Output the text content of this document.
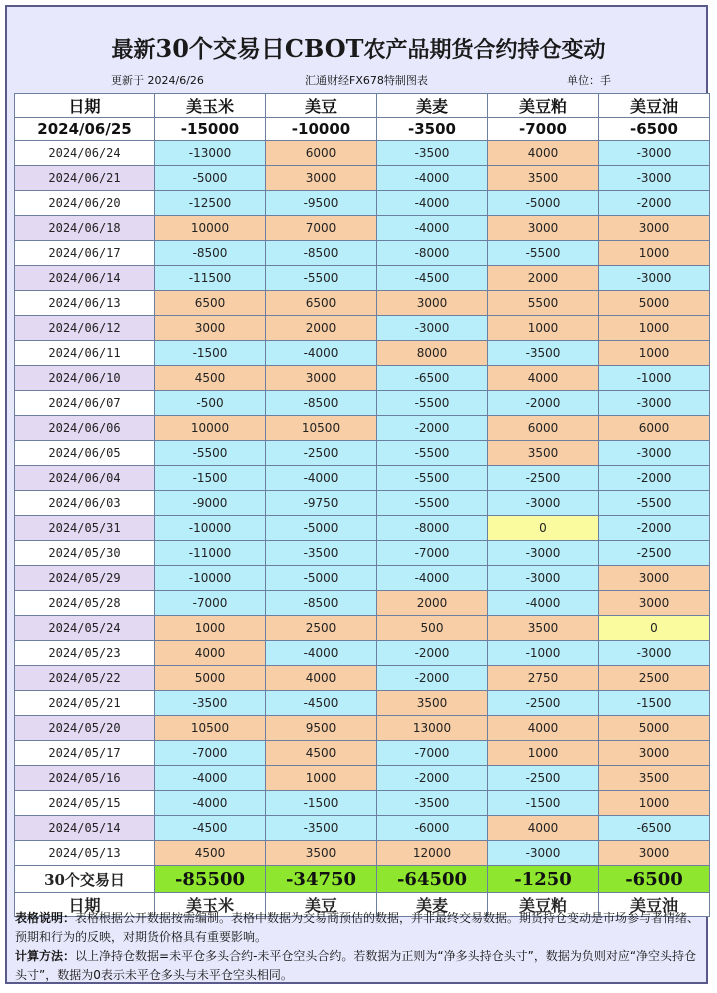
最新30个交易日CBOT农产品期货合约持仓变动
更新于 2024/6/26	汇通财经FX678特制图表	单位：手
日期	美玉米	美豆	美麦	美豆粕	美豆油
2024/06/25	-15000	-10000	-3500	-7000	-6500
2024/06/24	-13000	6000	-3500	4000	-3000
2024/06/21	-5000	3000	-4000	3500	-3000
2024/06/20	-12500	-9500	-4000	-5000	-2000
2024/06/18	10000	7000	-4000	3000	3000
2024/06/17	-8500	-8500	-8000	-5500	1000
2024/06/14	-11500	-5500	-4500	2000	-3000
2024/06/13	6500	6500	3000	5500	5000
2024/06/12	3000	2000	-3000	1000	1000
2024/06/11	-1500	-4000	8000	-3500	1000
2024/06/10	4500	3000	-6500	4000	-1000
2024/06/07	-500	-8500	-5500	-2000	-3000
2024/06/06	10000	10500	-2000	6000	6000
2024/06/05	-5500	-2500	-5500	3500	-3000
2024/06/04	-1500	-4000	-5500	-2500	-2000
2024/06/03	-9000	-9750	-5500	-3000	-5500
2024/05/31	-10000	-5000	-8000	0	-2000
2024/05/30	-11000	-3500	-7000	-3000	-2500
2024/05/29	-10000	-5000	-4000	-3000	3000
2024/05/28	-7000	-8500	2000	-4000	3000
2024/05/24	1000	2500	500	3500	0
2024/05/23	4000	-4000	-2000	-1000	-3000
2024/05/22	5000	4000	-2000	2750	2500
2024/05/21	-3500	-4500	3500	-2500	-1500
2024/05/20	10500	9500	13000	4000	5000
2024/05/17	-7000	4500	-7000	1000	3000
2024/05/16	-4000	1000	-2000	-2500	3500
2024/05/15	-4000	-1500	-3500	-1500	1000
2024/05/14	-4500	-3500	-6000	4000	-6500
2024/05/13	4500	3500	12000	-3000	3000
30个交易日	-85500	-34750	-64500	-1250	-6500
日期	美玉米	美豆	美麦	美豆粕	美豆油
表格说明：表格根据公开数据按需编制。表格中数据为交易商预估的数据，并非最终交易数据。期货持仓变动是市场参与者情绪、预期和行为的反映，对期货价格具有重要影响。
计算方法：以上净持仓数据=未平仓多头合约-未平仓空头合约。若数据为正则为“净多头持仓头寸”，数据为负则对应“净空头持仓头寸”，数据为0表示未平仓多头与未平仓空头相同。
